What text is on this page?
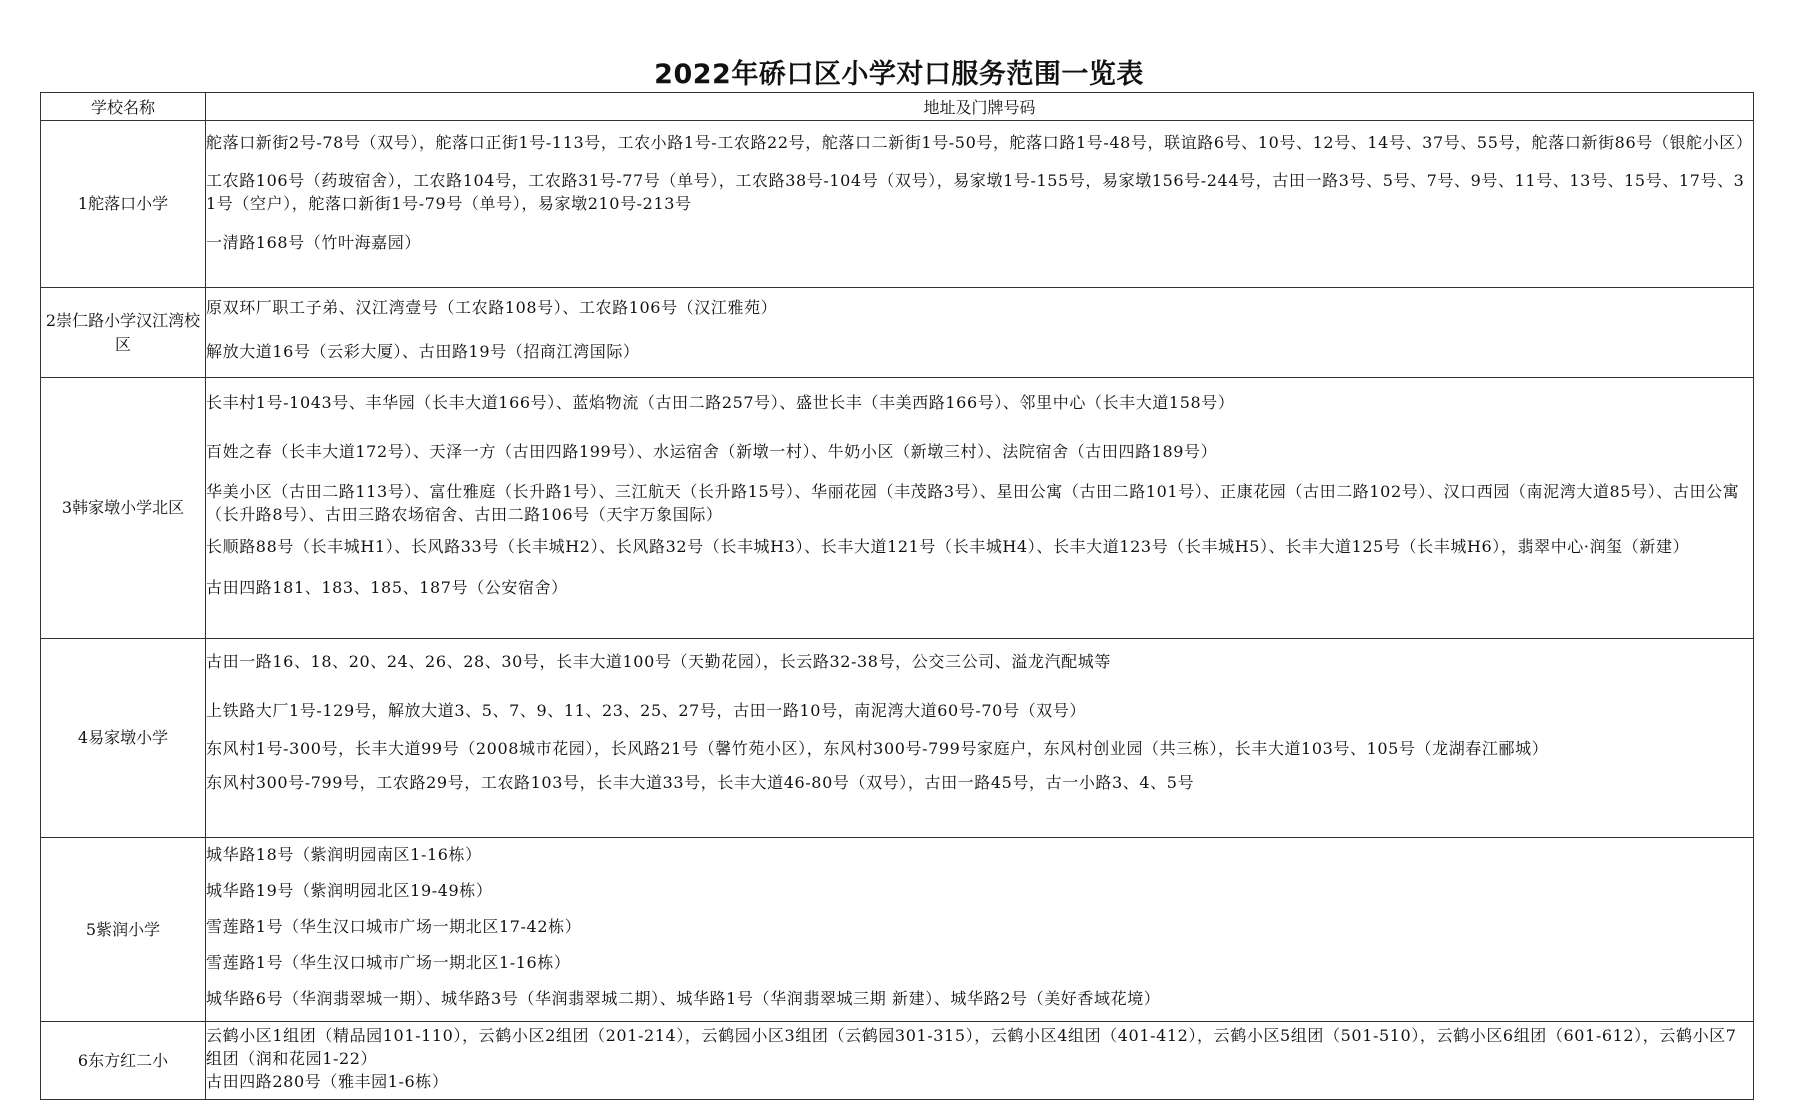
2022年硚口区小学对口服务范围一览表
学校名称	地址及门牌号码
1舵落口小学	舵落口新街2号-78号（双号），舵落口正街1号-113号，工农小路1号-工农路22号，舵落口二新街1号-50号，舵落口路1号-48号，联谊路6号、10号、12号、14号、37号、55号，舵落口新街86号（银舵小区）
工农路106号（药玻宿舍），工农路104号，工农路31号-77号（单号），工农路38号-104号（双号），易家墩1号-155号，易家墩156号-244号，古田一路3号、5号、7号、9号、11号、13号、15号、17号、31号（空户），舵落口新街1号-79号（单号），易家墩210号-213号
一清路168号（竹叶海嘉园）

2崇仁路小学汉江湾校区	原双环厂职工子弟、汉江湾壹号（工农路108号）、工农路106号（汉江雅苑）
解放大道16号（云彩大厦）、古田路19号（招商江湾国际）

3韩家墩小学北区	长丰村1号-1043号、丰华园（长丰大道166号）、蓝焰物流（古田二路257号）、盛世长丰（丰美西路166号）、邻里中心（长丰大道158号）
百姓之春（长丰大道172号）、天泽一方（古田四路199号）、水运宿舍（新墩一村）、牛奶小区（新墩三村）、法院宿舍（古田四路189号）
华美小区（古田二路113号）、富仕雅庭（长升路1号）、三江航天（长升路15号）、华丽花园（丰茂路3号）、星田公寓（古田二路101号）、正康花园（古田二路102号）、汉口西园（南泥湾大道85号）、古田公寓（长升路8号）、古田三路农场宿舍、古田二路106号（天宇万象国际）
长顺路88号（长丰城H1）、长风路33号（长丰城H2）、长风路32号（长丰城H3）、长丰大道121号（长丰城H4）、长丰大道123号（长丰城H5）、长丰大道125号（长丰城H6），翡翠中心·润玺（新建）
古田四路181、183、185、187号（公安宿舍）

4易家墩小学	古田一路16、18、20、24、26、28、30号，长丰大道100号（天勤花园），长云路32-38号，公交三公司、溢龙汽配城等
上铁路大厂1号-129号，解放大道3、5、7、9、11、23、25、27号，古田一路10号，南泥湾大道60号-70号（双号）
东风村1号-300号，长丰大道99号（2008城市花园），长风路21号（馨竹苑小区），东风村300号-799号家庭户，东风村创业园（共三栋），长丰大道103号、105号（龙湖春江郦城）
东风村300号-799号，工农路29号，工农路103号，长丰大道33号，长丰大道46-80号（双号），古田一路45号，古一小路3、4、5号

5紫润小学	城华路18号（紫润明园南区1-16栋）
城华路19号（紫润明园北区19-49栋）
雪莲路1号（华生汉口城市广场一期北区17-42栋）
雪莲路1号（华生汉口城市广场一期北区1-16栋）
城华路6号（华润翡翠城一期）、城华路3号（华润翡翠城二期）、城华路1号（华润翡翠城三期 新建）、城华路2号（美好香域花境）

6东方红二小	云鹤小区1组团（精品园101-110），云鹤小区2组团（201-214），云鹤园小区3组团（云鹤园301-315），云鹤小区4组团（401-412），云鹤小区5组团（501-510），云鹤小区6组团（601-612），云鹤小区7组团（润和花园1-22）
古田四路280号（雅丰园1-6栋）
